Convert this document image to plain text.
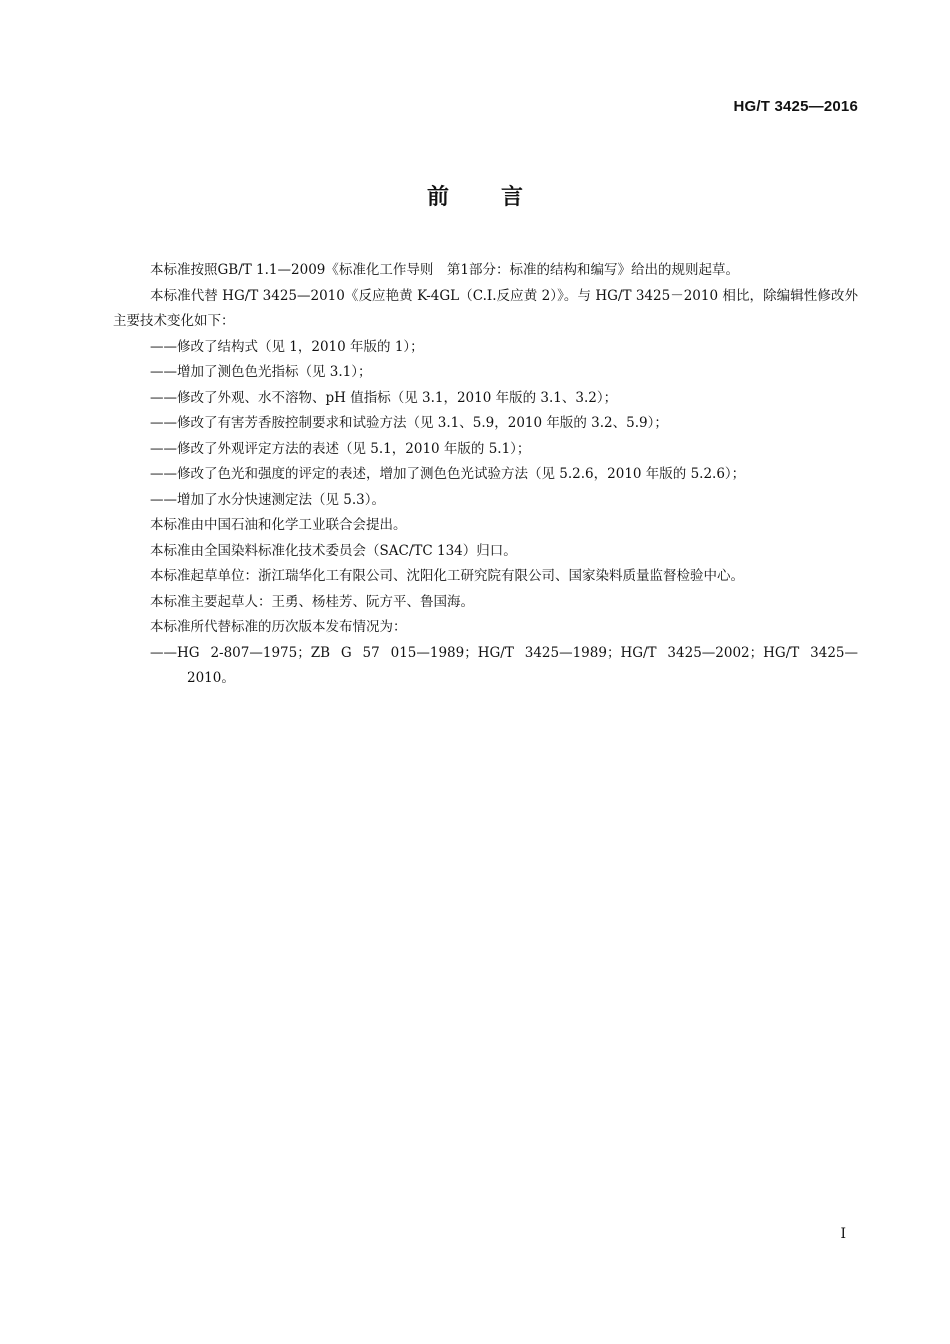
HG/T 3425—2016
前 言

本标准按照GB/T 1.1—2009《标准化工作导则　第1部分：标准的结构和编写》给出的规则起草。

本标准代替 HG/T 3425—2010《反应艳黄 K-4GL（C.I.反应黄 2）》。与 HG/T 3425－2010 相比，除编辑性修改外主要技术变化如下：

——修改了结构式（见 1，2010 年版的 1）；

——增加了测色色光指标（见 3.1）；

——修改了外观、水不溶物、pH 值指标（见 3.1，2010 年版的 3.1、3.2）；

——修改了有害芳香胺控制要求和试验方法（见 3.1、5.9，2010 年版的 3.2、5.9）；

——修改了外观评定方法的表述（见 5.1，2010 年版的 5.1）；

——修改了色光和强度的评定的表述，增加了测色色光试验方法（见 5.2.6，2010 年版的 5.2.6）；

——增加了水分快速测定法（见 5.3）。

本标准由中国石油和化学工业联合会提出。

本标准由全国染料标准化技术委员会（SAC/TC 134）归口。

本标准起草单位：浙江瑞华化工有限公司、沈阳化工研究院有限公司、国家染料质量监督检验中心。

本标准主要起草人：王勇、杨桂芳、阮方平、鲁国海。

本标准所代替标准的历次版本发布情况为：

——HG 2-807—1975；ZB G 57 015—1989；HG/T 3425—1989；HG/T 3425—2002；HG/T 3425—2010。

I
